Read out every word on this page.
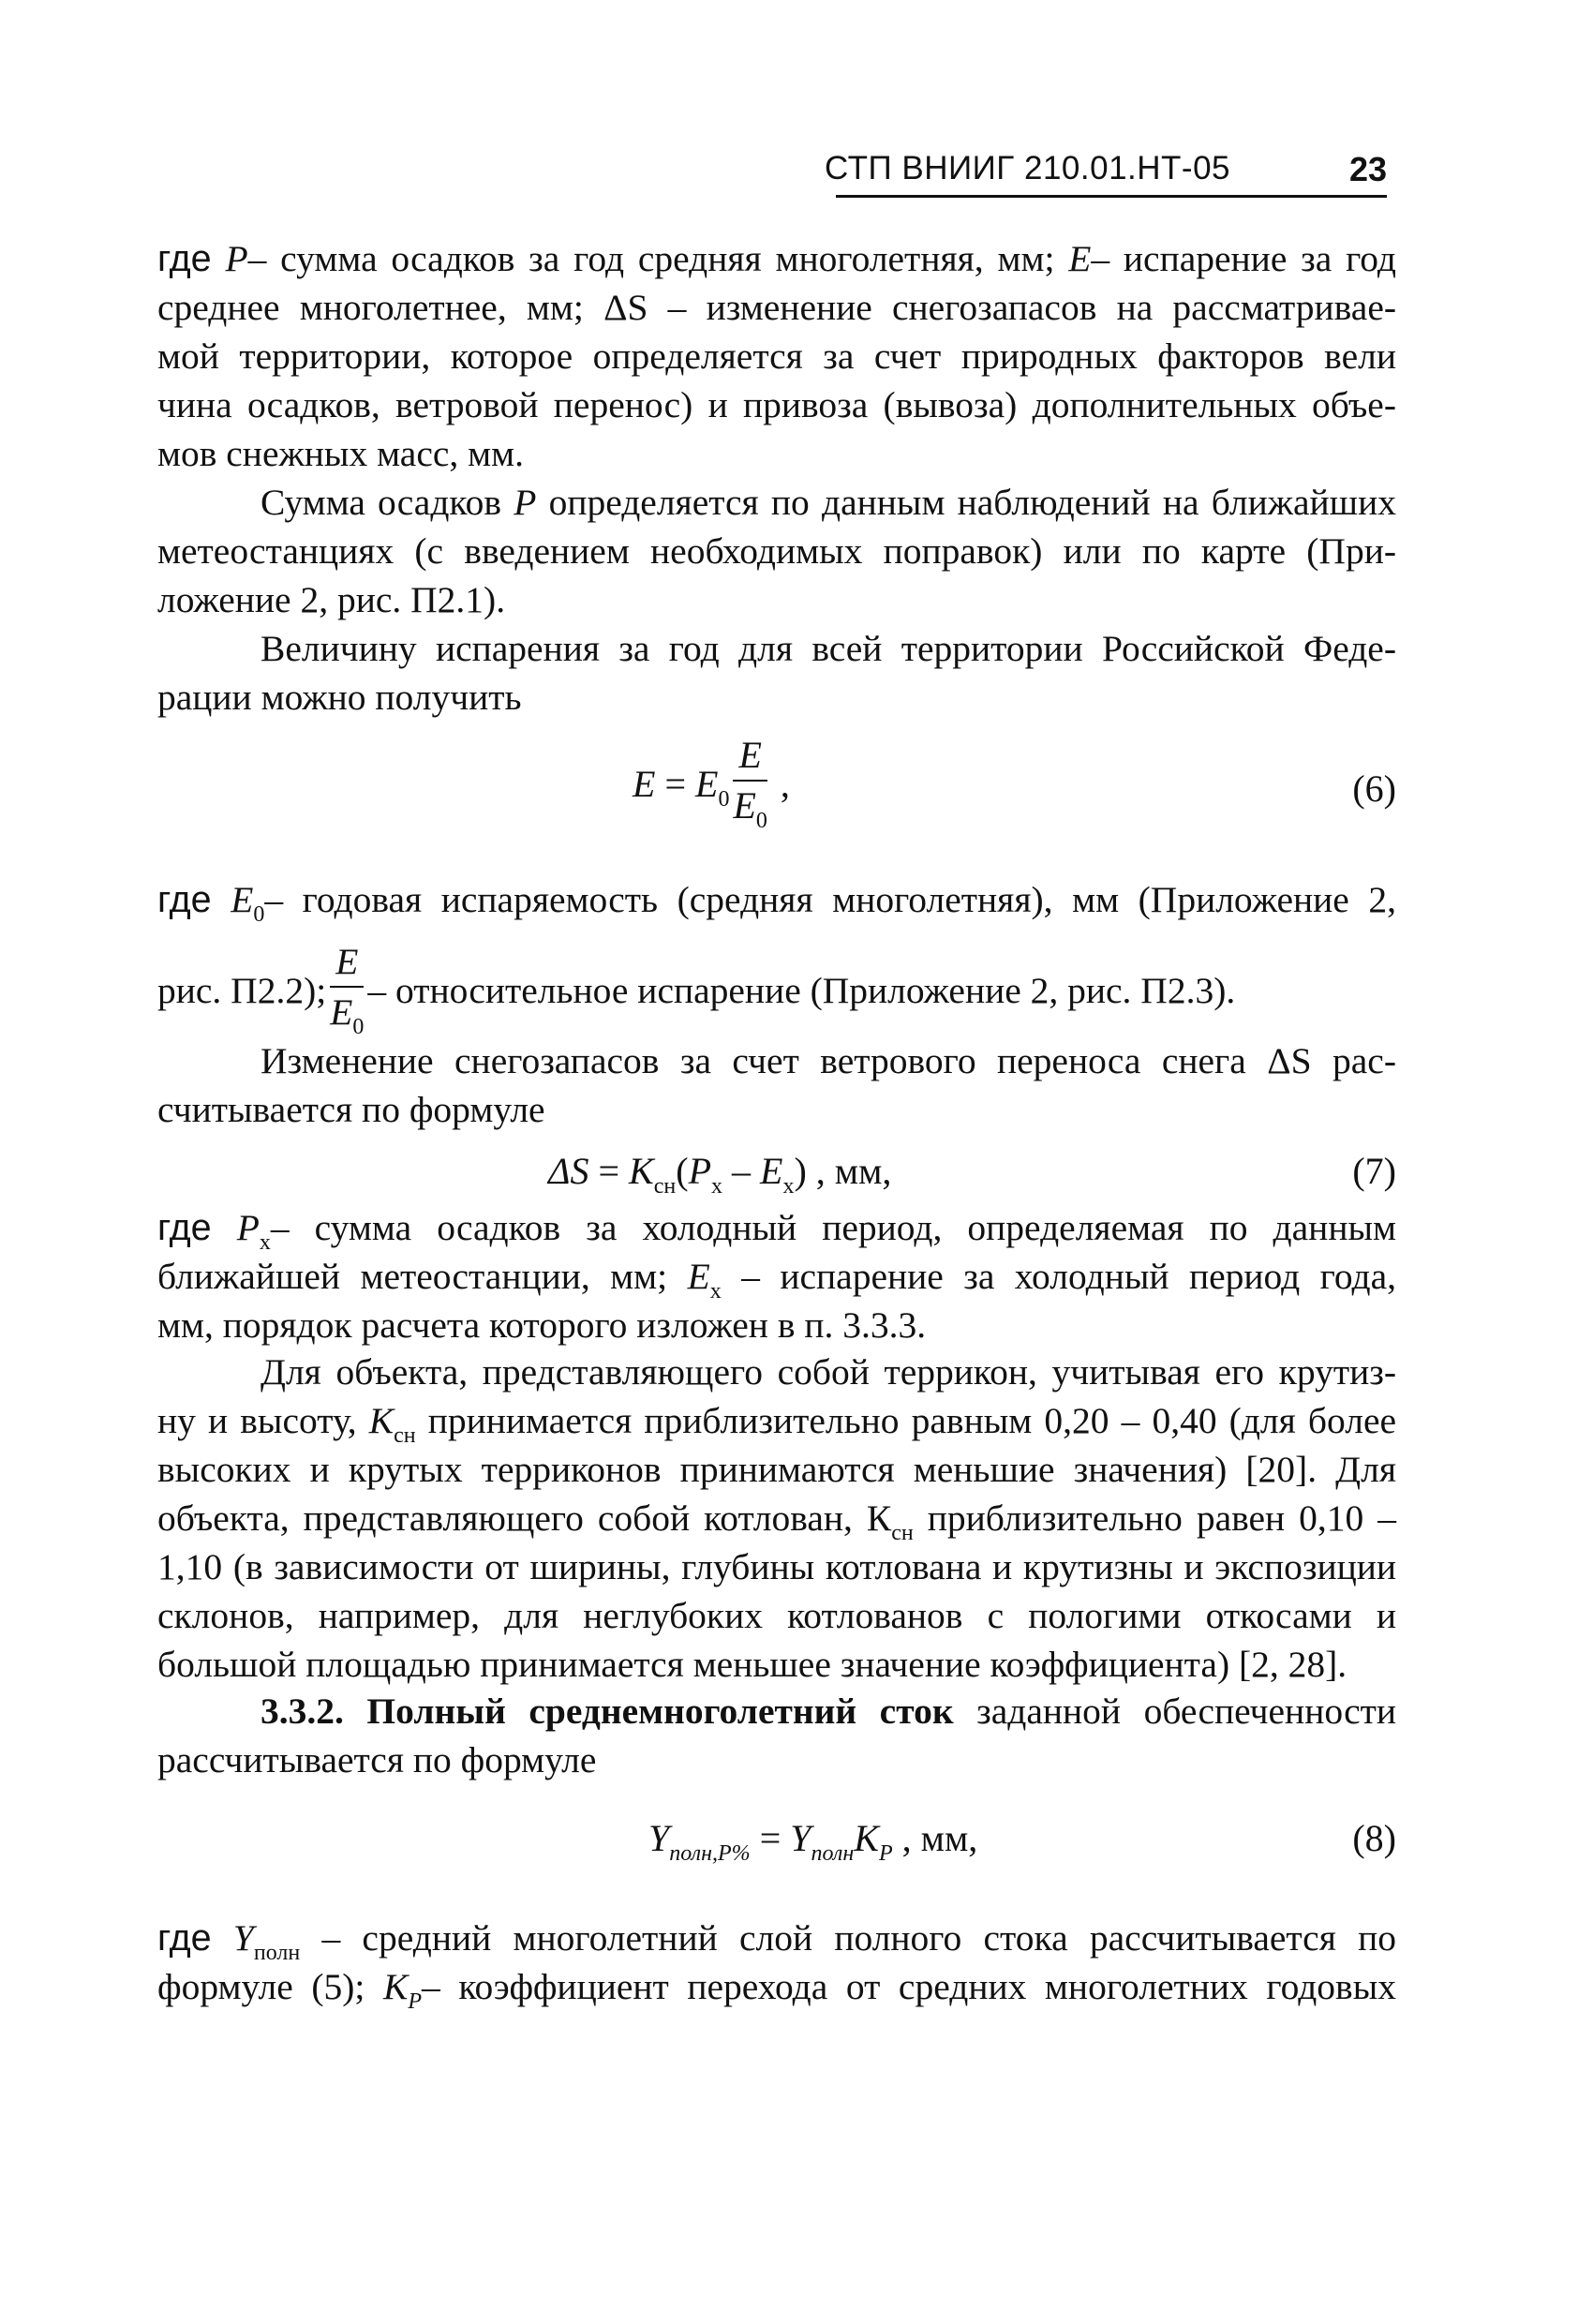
СТП ВНИИГ 210.01.НТ-05	23
где P– сумма осадков за год средняя многолетняя, мм; E– испарение за год
среднее многолетнее, мм; ΔS – изменение снегозапасов на рассматривае-
мой территории, которое определяется за счет природных факторов вели
чина осадков, ветровой перенос) и привоза (вывоза) дополнительных объе-
мов снежных масс, мм.
Сумма осадков P определяется по данным наблюдений на ближайших
метеостанциях (с введением необходимых поправок) или по карте (При-
ложение 2, рис. П2.1).
Величину испарения за год для всей территории Российской Феде-
рации можно получить
$E = E_0 \frac{E}{E_0}$ ,	(6)
где $E_0-$ годовая испаряемость (средняя многолетняя), мм (Приложение 2,
рис. П2.2); $\frac{E}{E_0}$ – относительное испарение (Приложение 2, рис. П2.3).
Изменение снегозапасов за счет ветрового переноса снега ΔS рас-
считывается по формуле
$\Delta S = K_{сн}(P_х - E_х)$ , мм,	(7)
где $P_х-$ сумма осадков за холодный период, определяемая по данным
ближайшей метеостанции, мм; $E_х$ – испарение за холодный период года,
мм, порядок расчета которого изложен в п. 3.3.3.
Для объекта, представляющего собой террикон, учитывая его крутиз-
ну и высоту, $K_{сн}$ принимается приблизительно равным 0,20 – 0,40 (для более
высоких и крутых терриконов принимаются меньшие значения) [20]. Для
объекта, представляющего собой котлован, $К_{сн}$ приблизительно равен 0,10 –
1,10 (в зависимости от ширины, глубины котлована и крутизны и экспозиции
склонов, например, для неглубоких котлованов с пологими откосами и
большой площадью принимается меньшее значение коэффициента) [2, 28].
3.3.2. Полный среднемноголетний сток заданной обеспеченности
рассчитывается по формуле
$Y_{полн,P\%} = Y_{полн}K_P$ , мм,	(8)
где $Y_{полн}$ – средний многолетний слой полного стока рассчитывается по
формуле (5); $K_P-$ коэффициент перехода от средних многолетних годовых
